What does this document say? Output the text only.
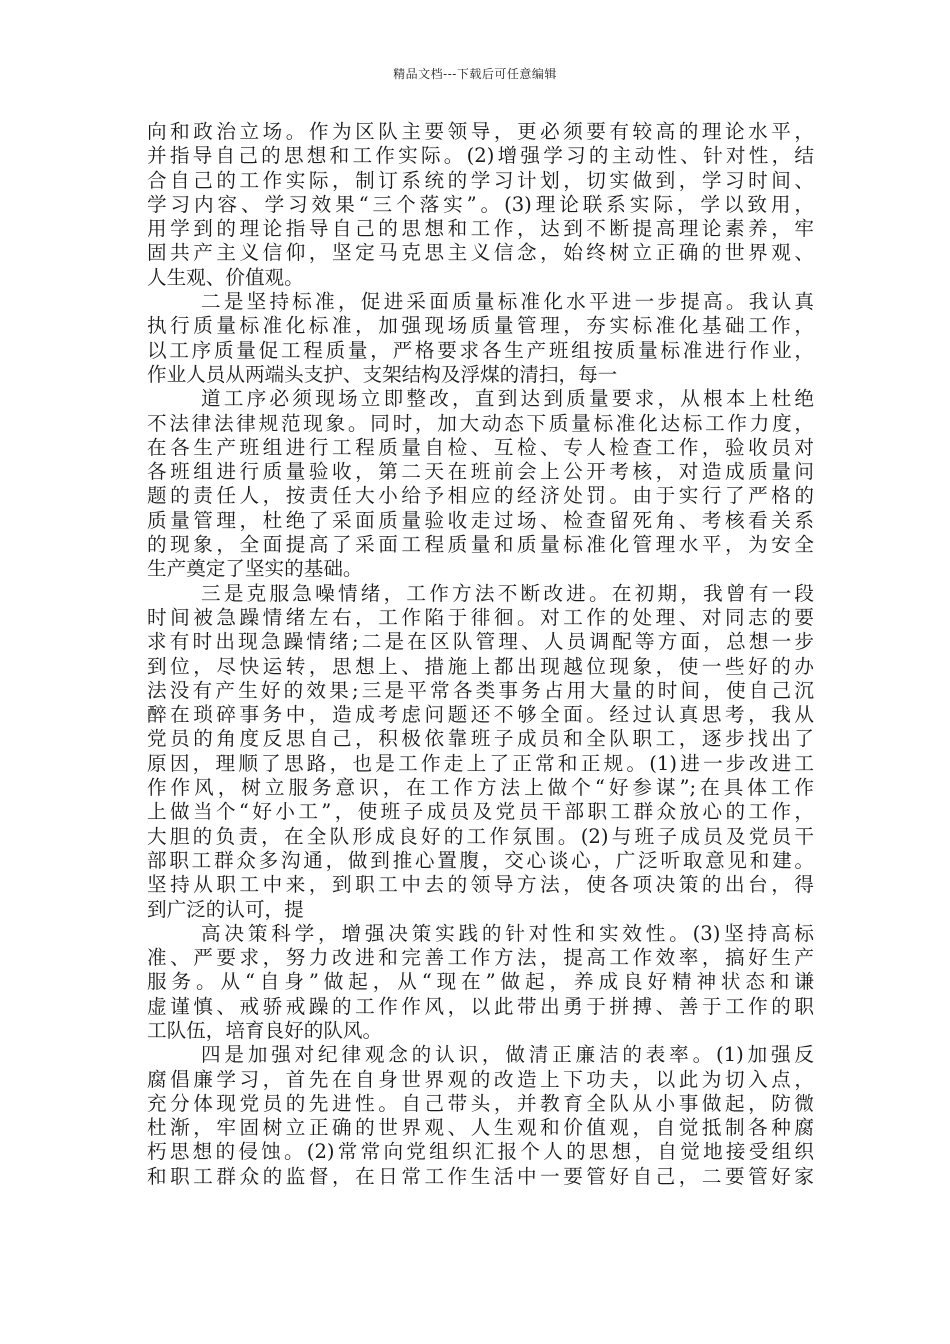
精品文档---下载后可任意编辑
向和政治立场。作为区队主要领导，更必须要有较高的理论水平，
并指导自己的思想和工作实际。(2)增强学习的主动性、针对性，结
合自己的工作实际，制订系统的学习计划，切实做到，学习时间、
学习内容、学习效果“三个落实”。(3)理论联系实际，学以致用，
用学到的理论指导自己的思想和工作，达到不断提高理论素养，牢
固共产主义信仰，坚定马克思主义信念，始终树立正确的世界观、
人生观、价值观。
二是坚持标准，促进采面质量标准化水平进一步提高。我认真
执行质量标准化标准，加强现场质量管理，夯实标准化基础工作，
以工序质量促工程质量，严格要求各生产班组按质量标准进行作业，
作业人员从两端头支护、支架结构及浮煤的清扫，每一
道工序必须现场立即整改，直到达到质量要求，从根本上杜绝
不法律法律规范现象。同时，加大动态下质量标准化达标工作力度，
在各生产班组进行工程质量自检、互检、专人检查工作，验收员对
各班组进行质量验收，第二天在班前会上公开考核，对造成质量问
题的责任人，按责任大小给予相应的经济处罚。由于实行了严格的
质量管理，杜绝了采面质量验收走过场、检查留死角、考核看关系
的现象，全面提高了采面工程质量和质量标准化管理水平，为安全
生产奠定了坚实的基础。
三是克服急噪情绪，工作方法不断改进。在初期，我曾有一段
时间被急躁情绪左右，工作陷于徘徊。对工作的处理、对同志的要
求有时出现急躁情绪;二是在区队管理、人员调配等方面，总想一步
到位，尽快运转，思想上、措施上都出现越位现象，使一些好的办
法没有产生好的效果;三是平常各类事务占用大量的时间，使自己沉
醉在琐碎事务中，造成考虑问题还不够全面。经过认真思考，我从
党员的角度反思自己，积极依靠班子成员和全队职工，逐步找出了
原因，理顺了思路，也是工作走上了正常和正规。(1)进一步改进工
作作风，树立服务意识，在工作方法上做个“好参谋”;在具体工作
上做当个“好小工”，使班子成员及党员干部职工群众放心的工作，
大胆的负责，在全队形成良好的工作氛围。(2)与班子成员及党员干
部职工群众多沟通，做到推心置腹，交心谈心，广泛听取意见和建。
坚持从职工中来，到职工中去的领导方法，使各项决策的出台，得
到广泛的认可，提
高决策科学，增强决策实践的针对性和实效性。(3)坚持高标
准、严要求，努力改进和完善工作方法，提高工作效率，搞好生产
服务。从“自身”做起，从“现在”做起，养成良好精神状态和谦
虚谨慎、戒骄戒躁的工作作风，以此带出勇于拼搏、善于工作的职
工队伍，培育良好的队风。
四是加强对纪律观念的认识，做清正廉洁的表率。(1)加强反
腐倡廉学习，首先在自身世界观的改造上下功夫，以此为切入点，
充分体现党员的先进性。自己带头，并教育全队从小事做起，防微
杜渐，牢固树立正确的世界观、人生观和价值观，自觉抵制各种腐
朽思想的侵蚀。(2)常常向党组织汇报个人的思想，自觉地接受组织
和职工群众的监督，在日常工作生活中一要管好自己，二要管好家
